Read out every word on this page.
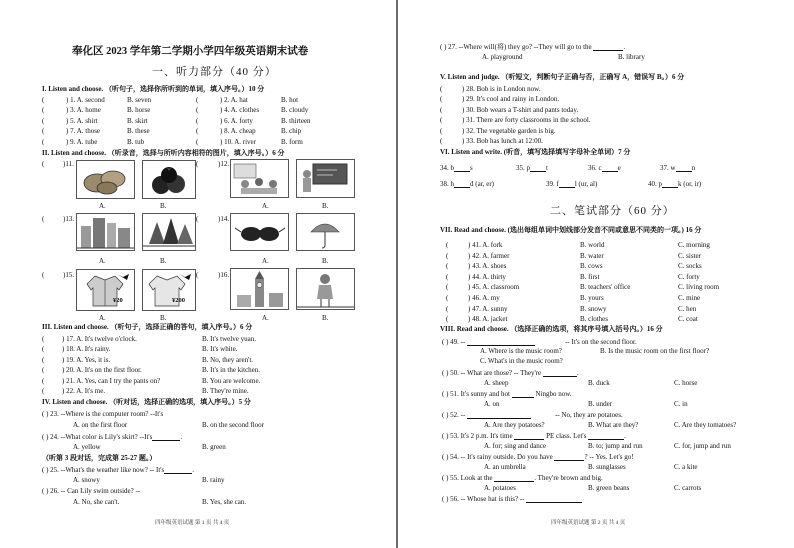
奉化区 2023 学年第二学期小学四年级英语期末试卷
一、听力部分（40 分）
I. Listen and choose. （听句子，选择你所听到的单词，填入序号。）10 分
(	) 1. A. second	B. seven	(	) 2. A. hat	B. hot
(	) 3. A. home	B. horse	(	) 4. A. clothes	B. cloudy
(	) 5. A. shirt	B. skirt	(	) 6. A. forty	B. thirteen
(	) 7. A. those	B. these	(	) 8. A. cheap	B. chip
(	) 9. A. tube	B. tub	(	) 10. A. river	B. form
II. Listen and choose. （听录音，选择与所听内容相符的图片，填入序号。）6 分
(	)11.
A.	B.
(	)12.
A.	B.
(	)13.
A.	B.
(	)14.
A.	B.
(	)15.
¥20	¥200
A.	B.
(	)16.
A.	B.
III. Listen and choose. （听句子，选择正确的答句，填入序号。）6 分
(	) 17. A. It's twelve o'clock.	B. It's twelve yuan.
(	) 18. A. It's rainy.	B. It's white.
(	) 19. A. Yes, it is.	B. No, they aren't.
(	) 20. A. It's on the first floor.	B. It's in the kitchen.
(	) 21. A. Yes, can I try the pants on?	B. You are welcome.
(	) 22. A. It's me.	B. They're mine.
IV. Listen and choose. （听对话，选择正确的选项，填入序号。）5 分
( ) 23. --Where is the computer room? --It's
A. on the first floor	B. on the second floor
( ) 24. --What color is Lily's skirt? --It's	.
A. yellow	B. green
（听第 3 段对话，完成第 25-27 题。）
( ) 25. --What's the weather like now? -- It's	.
A. snowy	B. rainy
( ) 26. -- Can Lily swim outside? --
A. No, she can't.	B. Yes, she can.
四年级英语试题 第 1 页 共 4 页
( ) 27. --Where will(将) they go? --They will go to the	.
A. playground	B. library
V. Listen and judge. （听短文，判断句子正确与否，正确写 A，错误写 B。）6 分
(	) 28. Bob is in London now.
(	) 29. It's cool and rainy in London.
(	) 30. Bob wears a T-shirt and pants today.
(	) 31. There are forty classrooms in the school.
(	) 32. The vegetable garden is big.
(	) 33. Bob has lunch at 12:00.
VI. Listen and write. (听音，填写选择填写字母补全单词）7 分
34. b s	35. p t	36. c e	37. w n
38. h d (ar, er)	39. f l (ur, al)	40. p k (or, ir)
二、笔试部分（60 分）
VII. Read and choose. (选出每组单词中划线部分发音不同或意思不同类的一项。) 16 分
(	) 41. A. fork	B. world	C. morning
(	) 42. A. farmer	B. water	C. sister
(	) 43. A. shoes	B. cows	C. socks
(	) 44. A. thirty	B. first	C. forty
(	) 45. A. classroom	B. teachers' office	C. living room
(	) 46. A. my	B. yours	C. mine
(	) 47. A. sunny	B. snowy	C. hen
(	) 48. A. jacket	B. clothes	C. coat
VIII. Read and choose. （选择正确的选项，将其序号填入括号内。）16 分
( ) 49. --	-- It's on the second floor.
A. Where is the music room?	B. Is the music room on the first floor?
C. What's in the music room?
( ) 50. -- What are those? -- They're	.
A. sheep	B. duck	C. horse
( ) 51. It's sunny and hot	Ningbo now.
A. on	B. under	C. in
( ) 52. --	-- No, they are potatoes.
A. Are they potatoes?	B. What are they?	C. Are they tomatoes?
( ) 53. It's 2 p.m. It's time	PE class. Let's	.
A. for; sing and dance	B. to; jump and run	C. for, jump and run
( ) 54. -- It's rainy outside. Do you have	? -- Yes. Let's go!
A. an umbrella	B. sunglasses	C. a kite
( ) 55. Look at the	. They're brown and big.
A. potatoes	B. green beans	C. carrots
( ) 56. -- Whose hat is this? --
四年级英语试题 第 2 页 共 4 页
